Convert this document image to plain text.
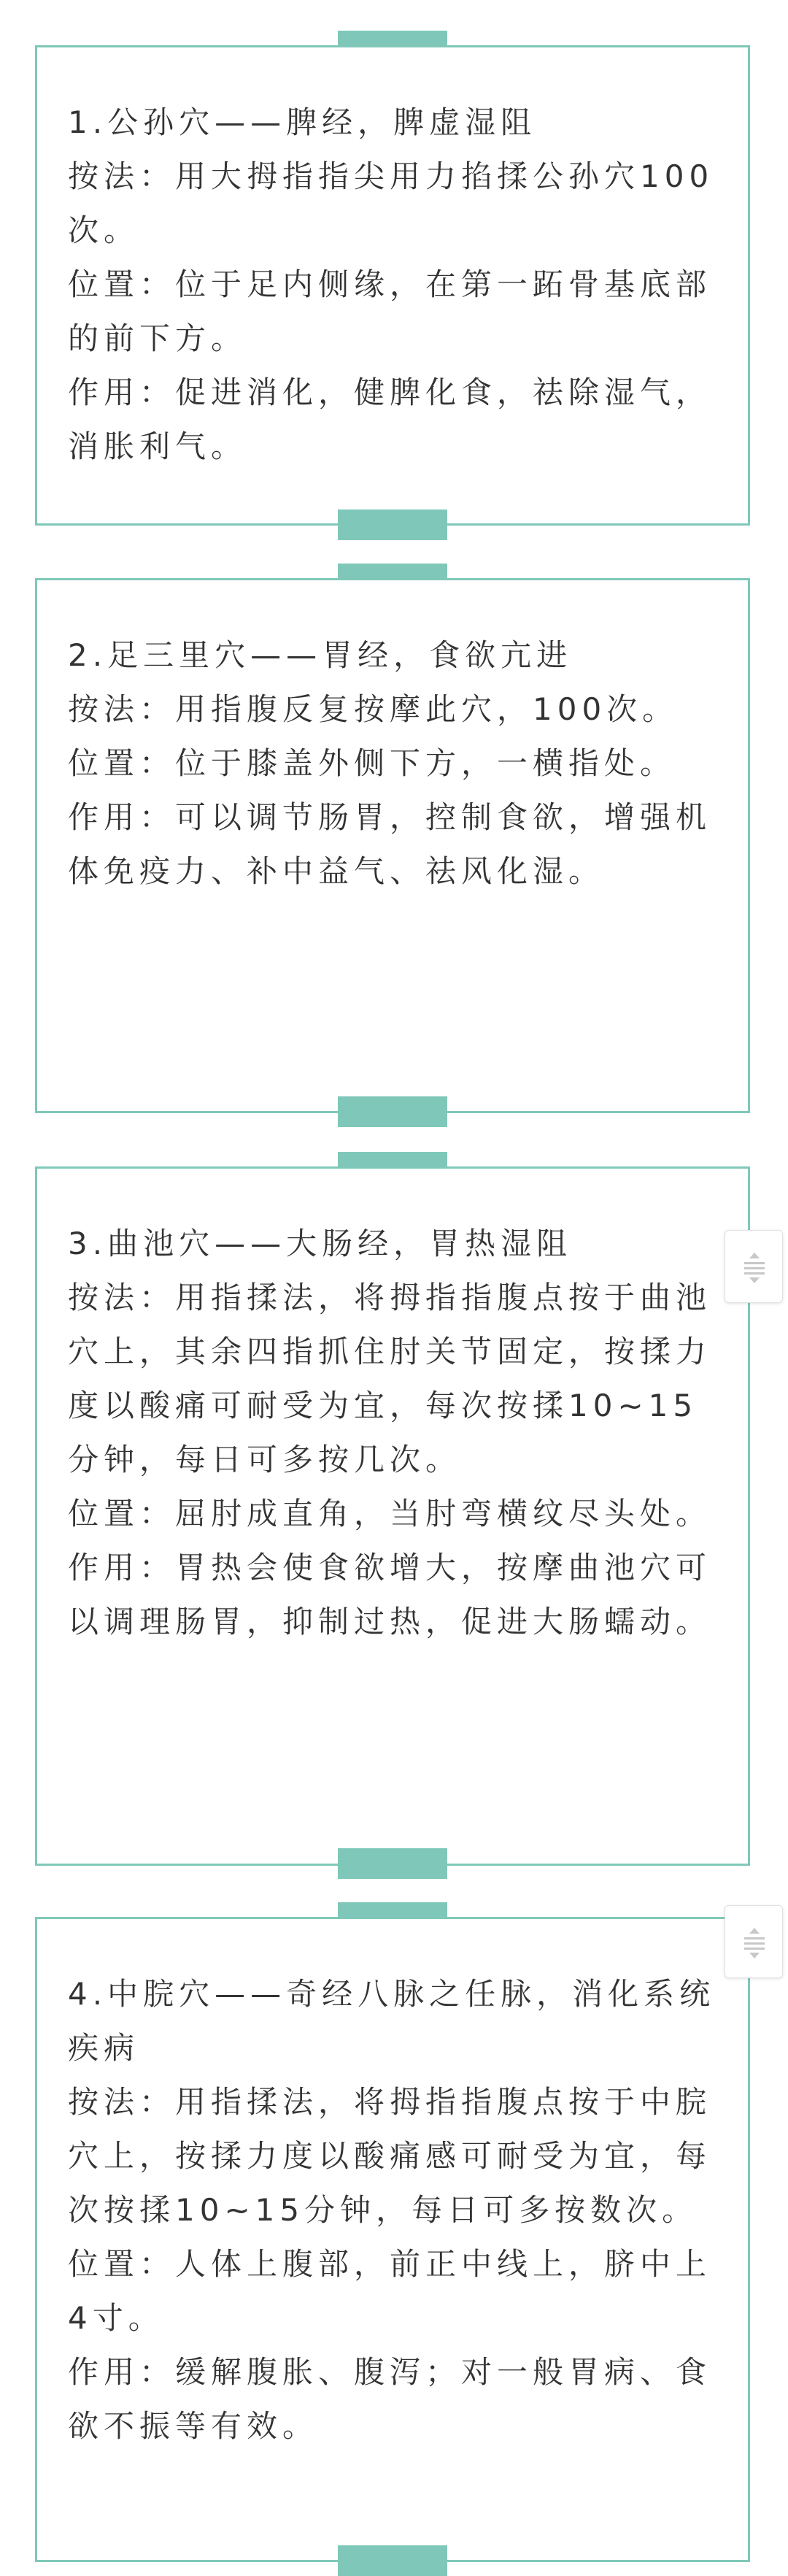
1.公孙穴——脾经，脾虚湿阻

按法：用大拇指指尖用力掐揉公孙穴100次。

位置：位于足内侧缘，在第一跖骨基底部的前下方。

作用：促进消化，健脾化食，祛除湿气，消胀利气。

2.足三里穴——胃经，食欲亢进

按法：用指腹反复按摩此穴，100次。

位置：位于膝盖外侧下方，一横指处。

作用：可以调节肠胃，控制食欲，增强机体免疫力、补中益气、祛风化湿。

3.曲池穴——大肠经，胃热湿阻

按法：用指揉法，将拇指指腹点按于曲池穴上，其余四指抓住肘关节固定，按揉力度以酸痛可耐受为宜，每次按揉10~15分钟，每日可多按几次。

位置：屈肘成直角，当肘弯横纹尽头处。

作用：胃热会使食欲增大，按摩曲池穴可以调理肠胃，抑制过热，促进大肠蠕动。

4.中脘穴——奇经八脉之任脉，消化系统疾病

按法：用指揉法，将拇指指腹点按于中脘穴上，按揉力度以酸痛感可耐受为宜，每次按揉10~15分钟，每日可多按数次。

位置：人体上腹部，前正中线上，脐中上4寸。

作用：缓解腹胀、腹泻；对一般胃病、食欲不振等有效。
